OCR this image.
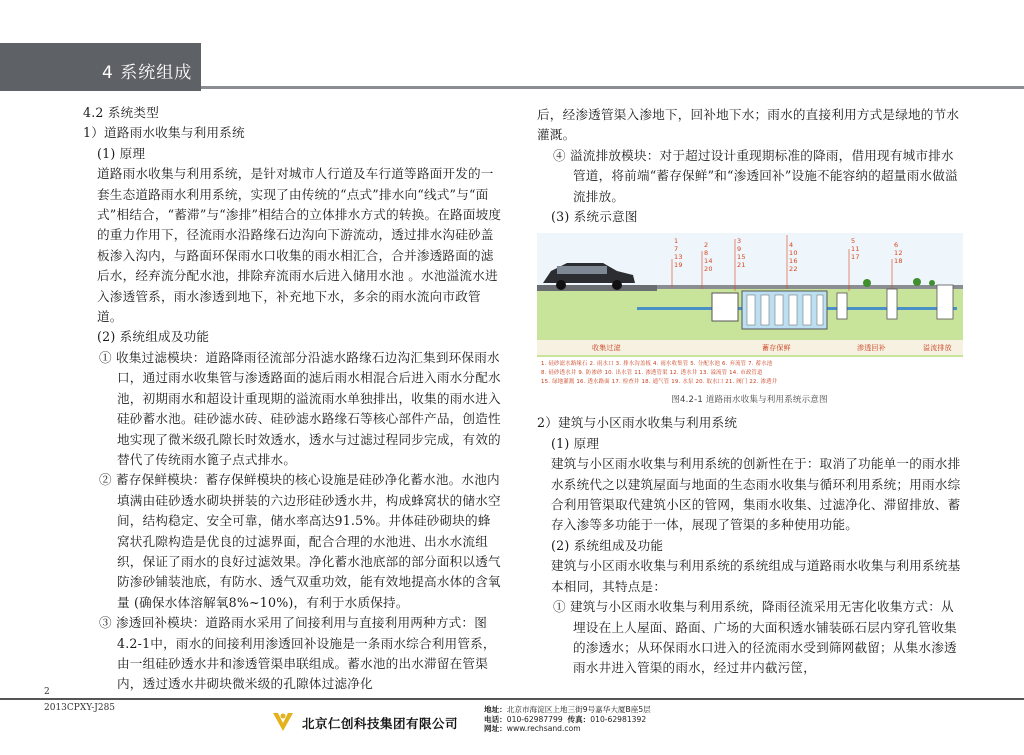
4 系统组成

4.2 系统类型

1）道路雨水收集与利用系统

(1) 原理

道路雨水收集与利用系统，是针对城市人行道及车行道等路面开发的一套生态道路雨水利用系统，实现了由传统的“点式”排水向“线式”与“面式”相结合，“蓄滞”与“渗排”相结合的立体排水方式的转换。在路面坡度的重力作用下，径流雨水沿路缘石边沟向下游流动，透过排水沟硅砂盖板渗入沟内，与路面环保雨水口收集的雨水相汇合，合并渗透路面的滤后水，经弃流分配水池，排除弃流雨水后进入储用水池 。水池溢流水进入渗透管系，雨水渗透到地下，补充地下水，多余的雨水流向市政管道。

(2) 系统组成及功能

① 收集过滤模块：道路降雨径流部分沿滤水路缘石边沟汇集到环保雨水口，通过雨水收集管与渗透路面的滤后雨水相混合后进入雨水分配水池，初期雨水和超设计重现期的溢流雨水单独排出，收集的雨水进入硅砂蓄水池。硅砂滤水砖、硅砂滤水路缘石等核心部件产品，创造性地实现了微米级孔隙长时效透水，透水与过滤过程同步完成，有效的替代了传统雨水篦子点式排水。

② 蓄存保鲜模块：蓄存保鲜模块的核心设施是硅砂净化蓄水池。水池内填满由硅砂透水砌块拼装的六边形硅砂透水井，构成蜂窝状的储水空间，结构稳定、安全可靠，储水率高达91.5%。井体硅砂砌块的蜂窝状孔隙构造是优良的过滤界面，配合合理的水池进、出水水流组织，保证了雨水的良好过滤效果。净化蓄水池底部的部分面积以透气防渗砂铺装池底，有防水、透气双重功效，能有效地提高水体的含氧量 (确保水体溶解氧8%~10%)，有利于水质保持。

③ 渗透回补模块：道路雨水采用了间接利用与直接利用两种方式：图4.2-1中，雨水的间接利用渗透回补设施是一条雨水综合利用管系，由一组硅砂透水井和渗透管渠串联组成。蓄水池的出水滞留在管渠内，透过透水井砌块微米级的孔隙体过滤净化

后，经渗透管渠入渗地下，回补地下水；雨水的直接利用方式是绿地的节水灌溉。

④ 溢流排放模块：对于超过设计重现期标准的降雨，借用现有城市排水管道，将前端“蓄存保鲜”和“渗透回补”设施不能容纳的超量雨水做溢流排放。

(3) 系统示意图

1	2	3	4	5	6
7	8	9	10	11	12
13	14	15	16	17	18
19	20	21	22
收集过滤	蓄存保鲜	渗透回补	溢流排放
1. 硅砂滤水路缘石 2. 雨水口 3. 排水沟盖板 4. 雨水收集管 5. 分配水池 6. 弃流管 7. 蓄水池
8. 硅砂透水井 9. 防渗砂 10. 出水管 11. 渗透管渠 12. 透水井 13. 溢流管 14. 市政管道
15. 绿地灌溉 16. 透水路面 17. 检查井 18. 通气管 19. 水泵 20. 取水口 21. 阀门 22. 渗透井
图4.2-1 道路雨水收集与利用系统示意图

2）建筑与小区雨水收集与利用系统

(1) 原理

建筑与小区雨水收集与利用系统的创新性在于：取消了功能单一的雨水排水系统代之以建筑屋面与地面的生态雨水收集与循环利用系统；用雨水综合利用管渠取代建筑小区的管网，集雨水收集、过滤净化、滞留排放、蓄存入渗等多功能于一体，展现了管渠的多种使用功能。

(2) 系统组成及功能

建筑与小区雨水收集与利用系统的系统组成与道路雨水收集与利用系统基本相同，其特点是：

① 建筑与小区雨水收集与利用系统，降雨径流采用无害化收集方式：从埋设在上人屋面、路面、广场的大面积透水铺装砾石层内穿孔管收集的渗透水；从环保雨水口进入的径流雨水受到筛网截留；从集水渗透雨水井进入管渠的雨水，经过井内截污筐，

2
2013CPXY-J285
北京仁创科技集团有限公司
地址：北京市海淀区上地三街9号嘉华大厦B座5层
电话：010-62987799 传真：010-62981392
网址：www.rechsand.com
